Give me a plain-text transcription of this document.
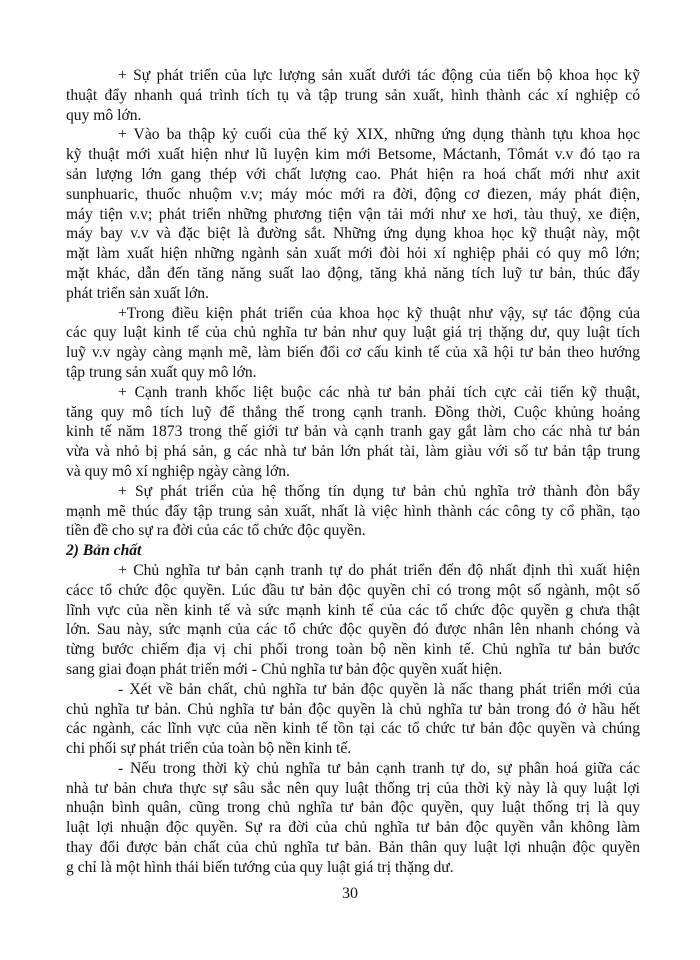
+ Sự phát triển của lực lượng sản xuất dưới tác động của tiến bộ khoa học kỹ
thuật đẩy nhanh quá trình tích tụ và tập trung sản xuất, hình thành các xí nghiệp có
quy mô lớn.
+ Vào ba thập kỷ cuối của thế kỷ XIX, những ứng dụng thành tựu khoa học
kỹ thuật mới xuất hiện như lũ luyện kim mới Betsome, Máctanh, Tômát v.v đó tạo ra
sản lượng lớn gang thép với chất lượng cao. Phát hiện ra hoá chất mới như axit
sunphuaric, thuốc nhuộm v.v; máy móc mới ra đời, động cơ điezen, máy phát điện,
máy tiện v.v; phát triển những phương tiện vận tải mới như xe hơi, tàu thuỷ, xe điện,
máy bay v.v và đặc biệt là đường sắt. Những ứng dụng khoa học kỹ thuật này, một
mặt làm xuất hiện những ngành sản xuất mới đòi hỏi xí nghiệp phải có quy mô lớn;
mặt khác, dẫn đến tăng năng suất lao động, tăng khả năng tích luỹ tư bản, thúc đẩy
phát triển sản xuất lớn.
+Trong điều kiện phát triển của khoa học kỹ thuật như vậy, sự tác động của
các quy luật kinh tế của chủ nghĩa tư bản như quy luật giá trị thặng dư, quy luật tích
luỹ v.v ngày càng mạnh mẽ, làm biến đổi cơ cấu kinh tế của xã hội tư bản theo hướng
tập trung sản xuất quy mô lớn.
+ Cạnh tranh khốc liệt buộc các nhà tư bản phải tích cực cải tiến kỹ thuật,
tăng quy mô tích luỹ để thắng thế trong cạnh tranh. Đồng thời, Cuộc khủng hoảng
kinh tế năm 1873 trong thế giới tư bản và cạnh tranh gay gắt làm cho các nhà tư bản
vừa và nhỏ bị phá sản, g các nhà tư bản lớn phát tài, làm giàu với số tư bản tập trung
và quy mô xí nghiệp ngày càng lớn.
+ Sự phát triển của hệ thống tín dụng tư bản chủ nghĩa trở thành đòn bẩy
mạnh mẽ thúc đẩy tập trung sản xuất, nhất là việc hình thành các công ty cổ phần, tạo
tiền đề cho sự ra đời của các tổ chức độc quyền.
2) Bản chất
+ Chủ nghĩa tư bản cạnh tranh tự do phát triển đến độ nhất định thì xuất hiện
cácc tổ chức độc quyền. Lúc đầu tư bản độc quyền chỉ có trong một số ngành, một số
lĩnh vực của nền kinh tế và sức mạnh kinh tế của các tổ chức độc quyền g chưa thật
lớn. Sau này, sức mạnh của các tổ chức độc quyền đó được nhân lên nhanh chóng và
từng bước chiếm địa vị chi phối trong toàn bộ nền kinh tế. Chủ nghĩa tư bản bước
sang giai đoạn phát triển mới - Chủ nghĩa tư bản độc quyền xuất hiện.
- Xét về bản chất, chủ nghĩa tư bản độc quyền là nấc thang phát triển mới của
chủ nghĩa tư bản. Chủ nghĩa tư bản độc quyền là chủ nghĩa tư bản trong đó ở hầu hết
các ngành, các lĩnh vực của nền kinh tế tồn tại các tổ chức tư bản độc quyền và chúng
chi phối sự phát triển của toàn bộ nền kinh tế.
- Nếu trong thời kỳ chủ nghĩa tư bản cạnh tranh tự do, sự phân hoá giữa các
nhà tư bản chưa thực sự sâu sắc nên quy luật thống trị của thời kỳ này là quy luật lợi
nhuận bình quân, cũng trong chủ nghĩa tư bản độc quyền, quy luật thống trị là quy
luật lợi nhuận độc quyền. Sự ra đời của chủ nghĩa tư bản độc quyền vẫn không làm
thay đổi được bản chất của chủ nghĩa tư bản. Bản thân quy luật lợi nhuận độc quyền
g chỉ là một hình thái biến tướng của quy luật giá trị thặng dư.
30
